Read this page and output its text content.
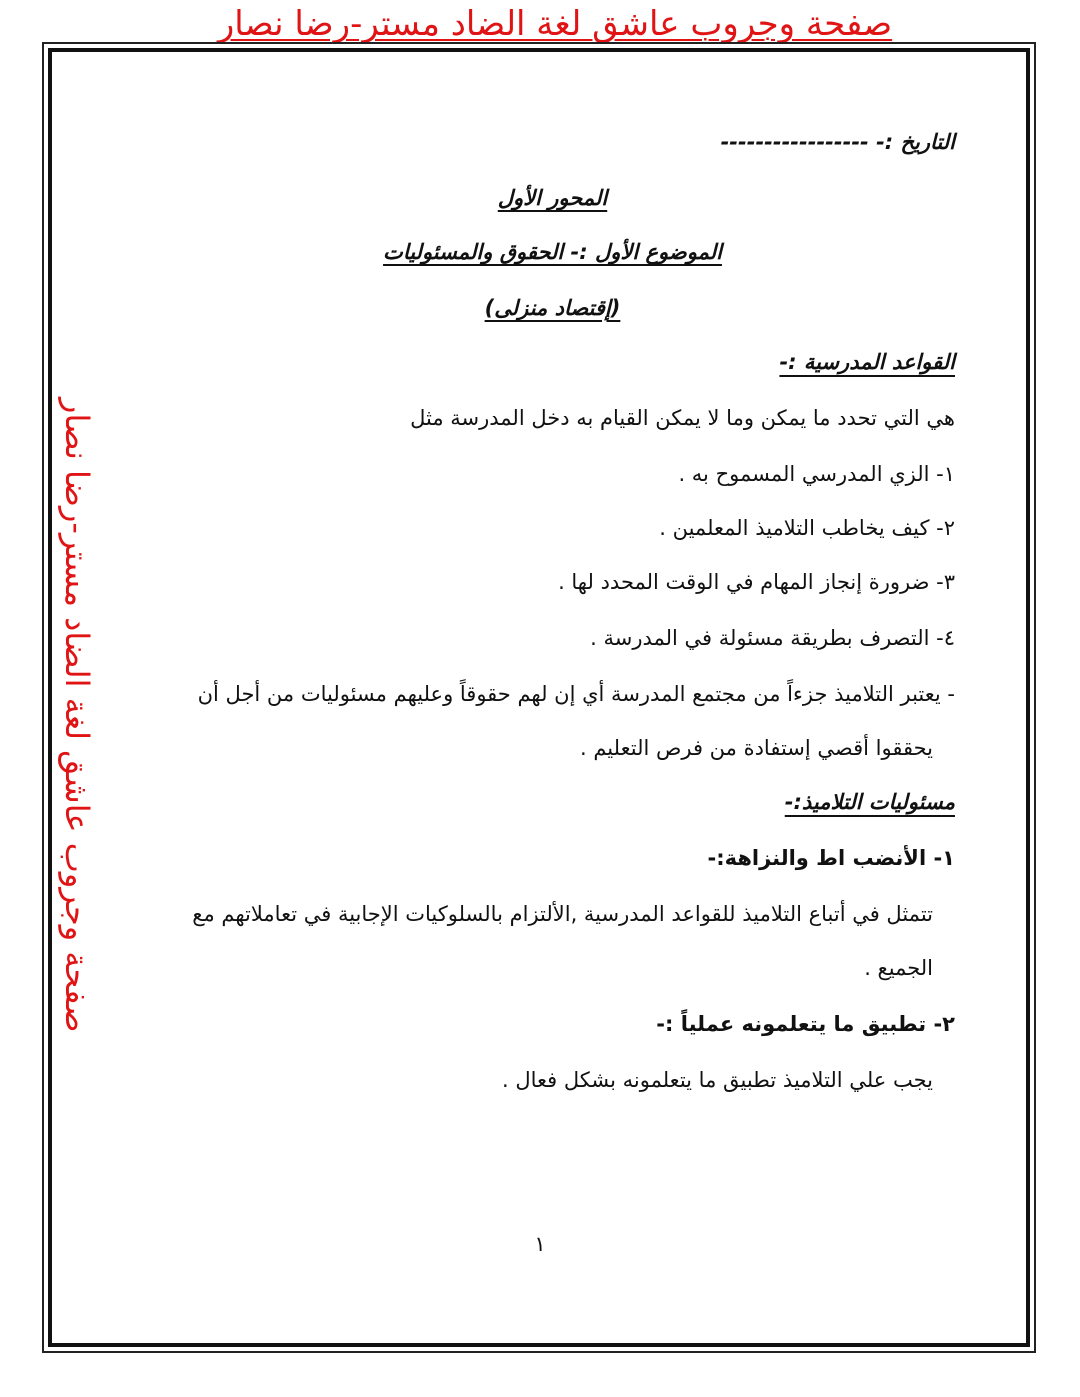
صفحة وجروب عاشق لغة الضاد مستر-رضا نصار
صفحة وجروب عاشق لغة الضاد مستر-رضا نصار
التاريخ :- -----------------
المحور الأول
الموضوع الأول :- الحقوق والمسئوليات
(إقتصاد منزلى)
القواعد المدرسية :-
هي التي تحدد ما يمكن وما لا يمكن القيام به دخل المدرسة مثل
١- الزي المدرسي المسموح به .
٢- كيف يخاطب التلاميذ المعلمين .
٣- ضرورة إنجاز المهام في الوقت المحدد لها .
٤- التصرف بطريقة مسئولة في المدرسة .
- يعتبر التلاميذ جزءاً من مجتمع المدرسة أي إن لهم حقوقاً وعليهم مسئوليات من أجل أن
يحققوا أقصي إستفادة من فرص التعليم .
مسئوليات التلاميذ:-
١- الأنضب اط والنزاهة:-
تتمثل في أتباع التلاميذ للقواعد المدرسية ,الألتزام بالسلوكيات الإجابية في تعاملاتهم مع
الجميع .
٢- تطبيق ما يتعلمونه عملياً :-
يجب علي التلاميذ تطبيق ما يتعلمونه بشكل فعال .
١
